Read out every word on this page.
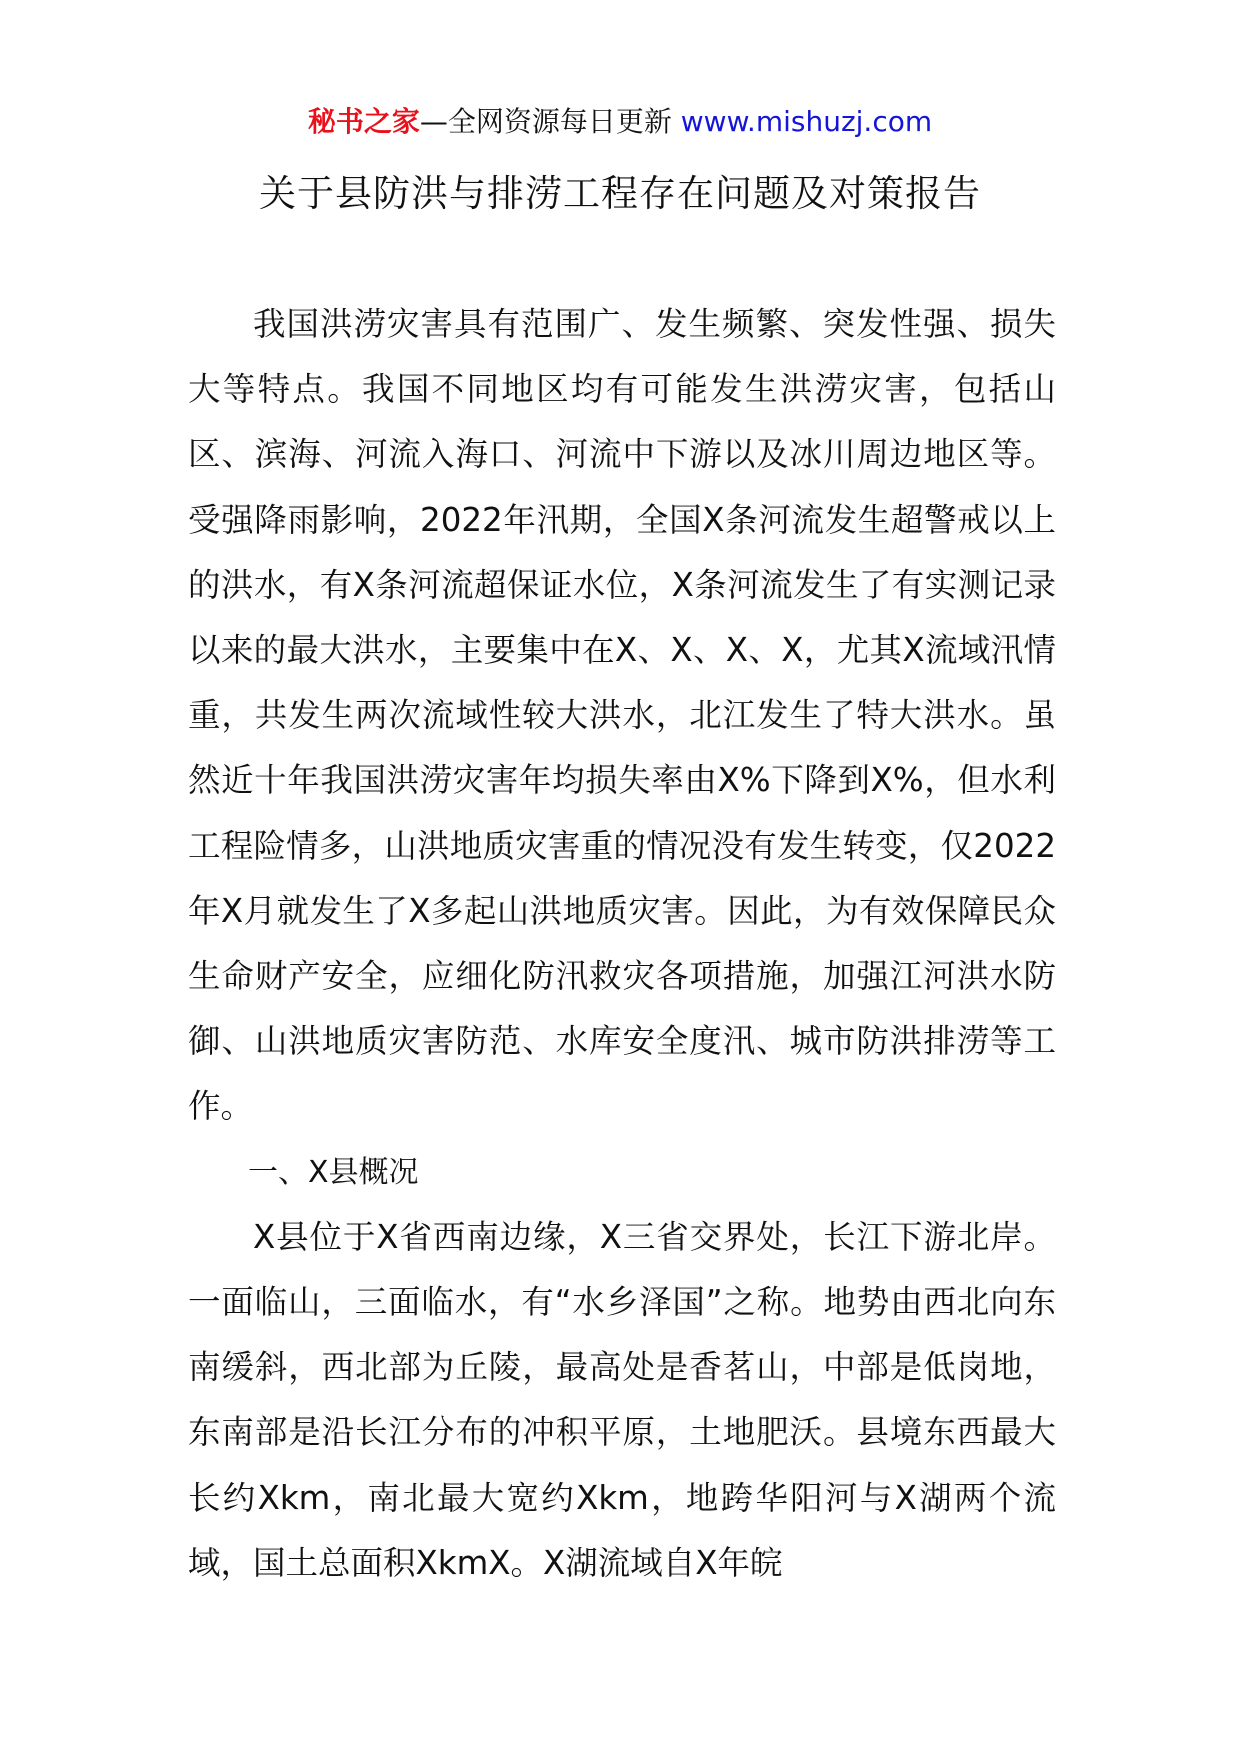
秘书之家—全网资源每日更新 www.mishuzj.com
关于县防洪与排涝工程存在问题及对策报告

我国洪涝灾害具有范围广、发生频繁、突发性强、损失大等特点。我国不同地区均有可能发生洪涝灾害，包括山区、滨海、河流入海口、河流中下游以及冰川周边地区等。受强降雨影响，2022年汛期，全国X条河流发生超警戒以上的洪水，有X条河流超保证水位，X条河流发生了有实测记录以来的最大洪水，主要集中在X、X、X、X，尤其X流域汛情重，共发生两次流域性较大洪水，北江发生了特大洪水。虽然近十年我国洪涝灾害年均损失率由X%下降到X%，但水利工程险情多，山洪地质灾害重的情况没有发生转变，仅2022年X月就发生了X多起山洪地质灾害。因此，为有效保障民众生命财产安全，应细化防汛救灾各项措施，加强江河洪水防御、山洪地质灾害防范、水库安全度汛、城市防洪排涝等工作。

一、X县概况

X县位于X省西南边缘，X三省交界处，长江下游北岸。一面临山，三面临水，有“水乡泽国”之称。地势由西北向东南缓斜，西北部为丘陵，最高处是香茗山，中部是低岗地，东南部是沿长江分布的冲积平原，土地肥沃。县境东西最大长约Xkm，南北最大宽约Xkm，地跨华阳河与X湖两个流域，国土总面积XkmX。X湖流域自X年皖
